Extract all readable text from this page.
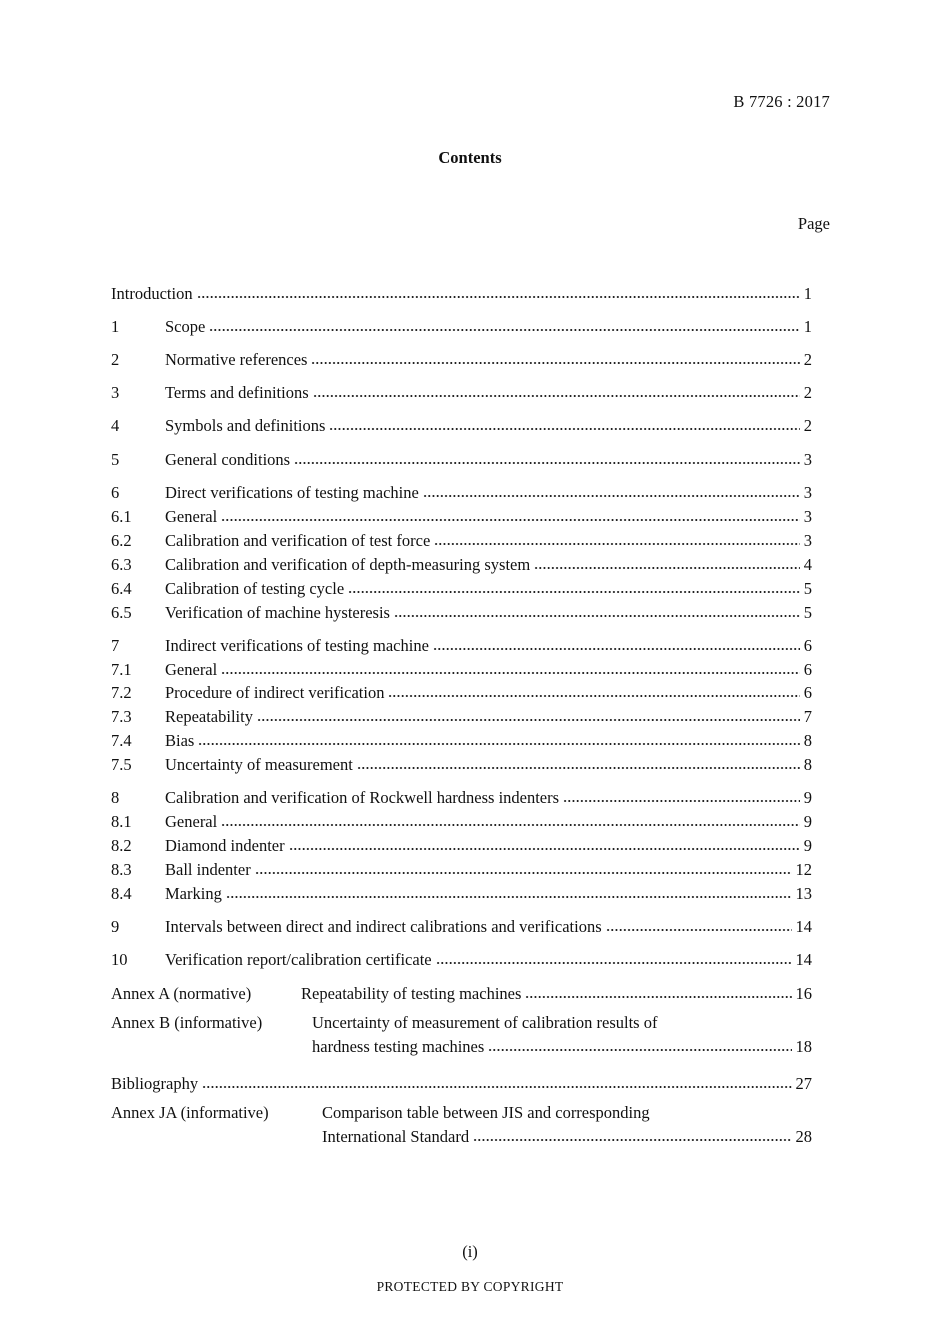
B 7726 : 2017
Contents
Page
Introduction	1
1	Scope	1
2	Normative references	2
3	Terms and definitions	2
4	Symbols and definitions	2
5	General conditions	3
6	Direct verifications of testing machine	3
6.1	General	3
6.2	Calibration and verification of test force	3
6.3	Calibration and verification of depth-measuring system	4
6.4	Calibration of testing cycle	5
6.5	Verification of machine hysteresis	5
7	Indirect verifications of testing machine	6
7.1	General	6
7.2	Procedure of indirect verification	6
7.3	Repeatability	7
7.4	Bias	8
7.5	Uncertainty of measurement	8
8	Calibration and verification of Rockwell hardness indenters	9
8.1	General	9
8.2	Diamond indenter	9
8.3	Ball indenter	12
8.4	Marking	13
9	Intervals between direct and indirect calibrations and verifications	14
10	Verification report/calibration certificate	14
Annex A (normative)	Repeatability of testing machines	16
Annex B (informative)	Uncertainty of measurement of calibration results of
hardness testing machines	18
Bibliography	27
Annex JA (informative)	Comparison table between JIS and corresponding
International Standard	28
(i)
PROTECTED BY COPYRIGHT
